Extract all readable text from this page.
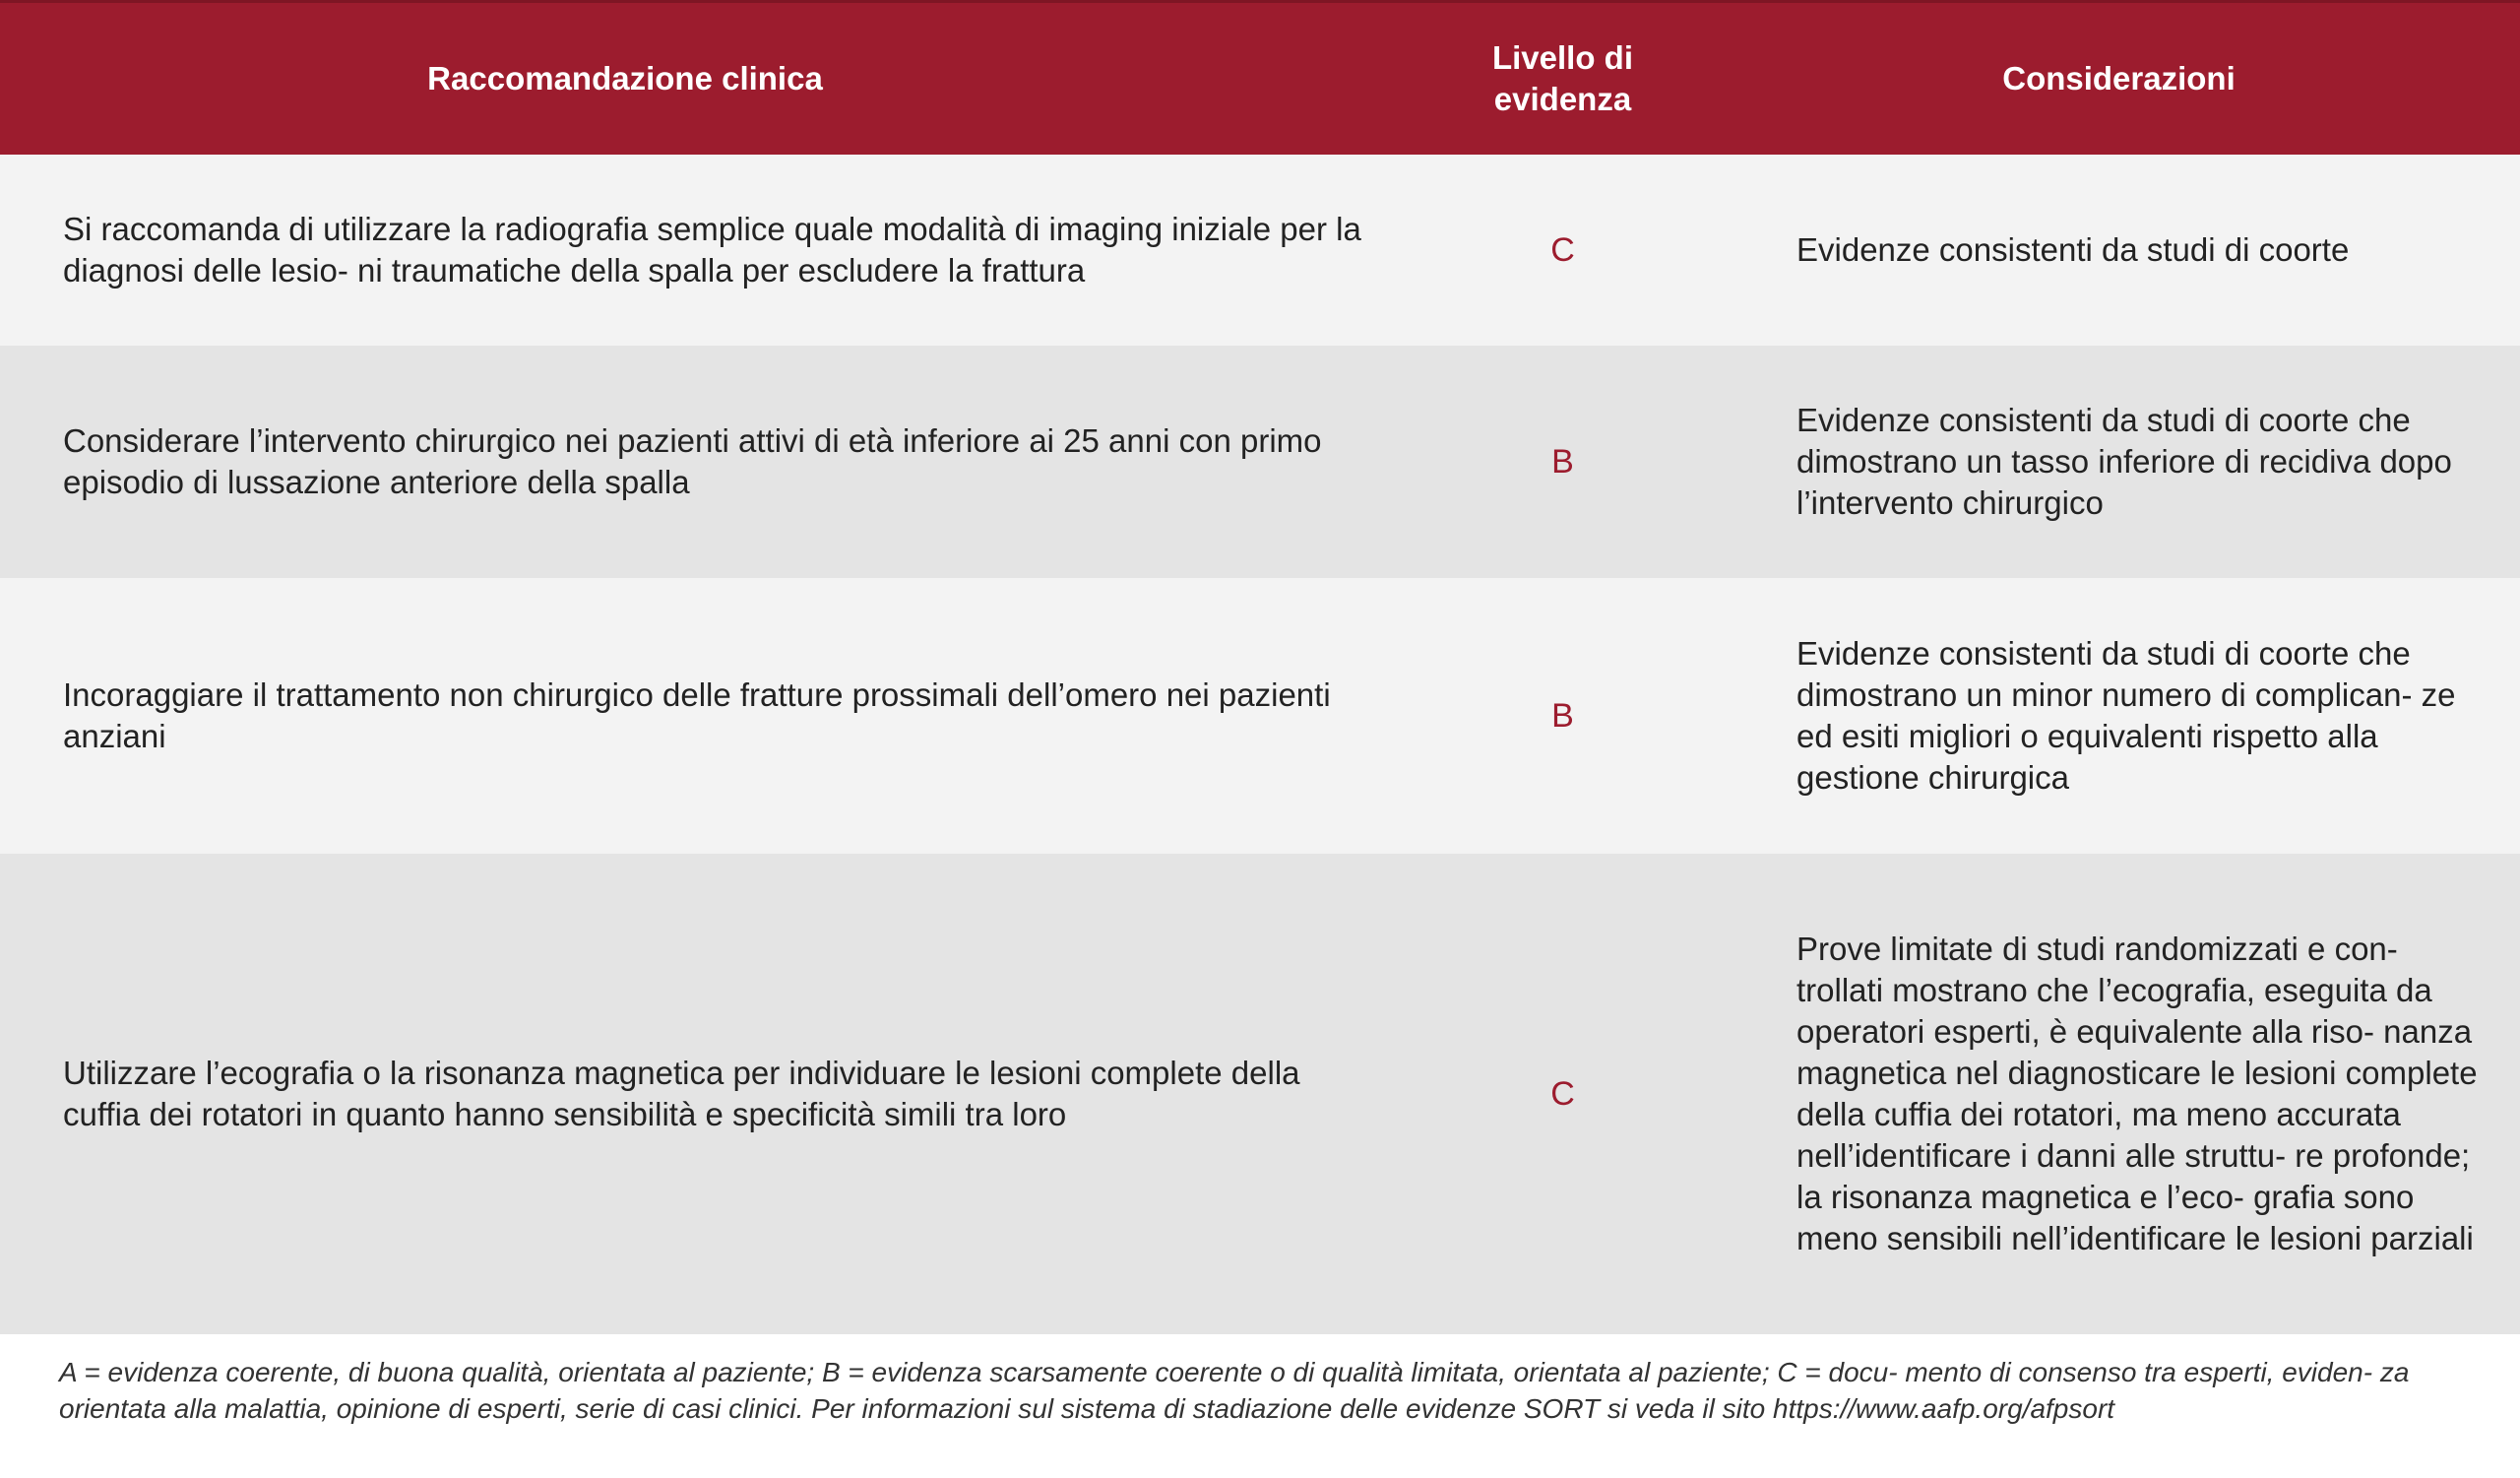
Raccomandazione clinica	Livello di evidenza	Considerazioni
Si raccomanda di utilizzare la radiografia semplice quale modalità di imaging iniziale per la diagnosi delle lesio- ni traumatiche della spalla per escludere la frattura	C	Evidenze consistenti da studi di coorte
Considerare l’intervento chirurgico nei pazienti attivi di età inferiore ai 25 anni con primo episodio di lussazione anteriore della spalla	B	Evidenze consistenti da studi di coorte che dimostrano un tasso inferiore di recidiva dopo l’intervento chirurgico
Incoraggiare il trattamento non chirurgico delle fratture prossimali dell’omero nei pazienti anziani	B	Evidenze consistenti da studi di coorte che dimostrano un minor numero di complican- ze ed esiti migliori o equivalenti rispetto alla gestione chirurgica
Utilizzare l’ecografia o la risonanza magnetica per individuare le lesioni complete della cuffia dei rotatori in quanto hanno sensibilità e specificità simili tra loro	C	Prove limitate di studi randomizzati e con- trollati mostrano che l’ecografia, eseguita da operatori esperti, è equivalente alla riso- nanza magnetica nel diagnosticare le lesioni complete della cuffia dei rotatori, ma meno accurata nell’identificare i danni alle struttu- re profonde; la risonanza magnetica e l’eco- grafia sono meno sensibili nell’identificare le lesioni parziali
A = evidenza coerente, di buona qualità, orientata al paziente; B = evidenza scarsamente coerente o di qualità limitata, orientata al paziente; C = docu- mento di consenso tra esperti, eviden- za orientata alla malattia, opinione di esperti, serie di casi clinici. Per informazioni sul sistema di stadiazione delle evidenze SORT si veda il sito https://www.aafp.org/afpsort
